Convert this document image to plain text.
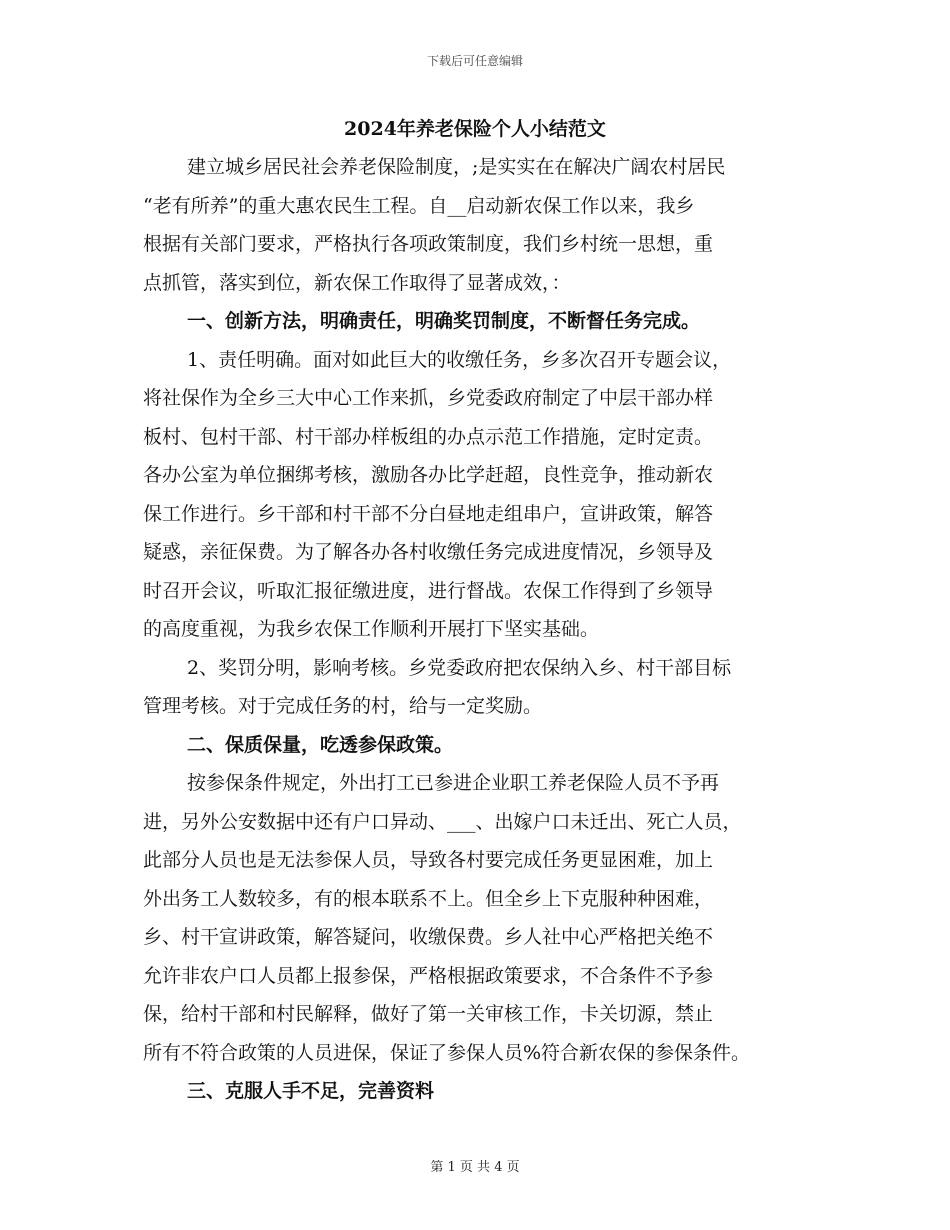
下载后可任意编辑
2024年养老保险个人小结范文
建立城乡居民社会养老保险制度，;是实实在在解决广阔农村居民
“老有所养”的重大惠农民生工程。自__启动新农保工作以来，我乡
根据有关部门要求，严格执行各项政策制度，我们乡村统一思想，重
点抓管，落实到位，新农保工作取得了显著成效，：
一、创新方法，明确责任，明确奖罚制度，不断督任务完成。
1、责任明确。面对如此巨大的收缴任务，乡多次召开专题会议，
将社保作为全乡三大中心工作来抓，乡党委政府制定了中层干部办样
板村、包村干部、村干部办样板组的办点示范工作措施，定时定责。
各办公室为单位捆绑考核，激励各办比学赶超，良性竞争，推动新农
保工作进行。乡干部和村干部不分白昼地走组串户，宣讲政策，解答
疑惑，亲征保费。为了解各办各村收缴任务完成进度情况，乡领导及
时召开会议，听取汇报征缴进度，进行督战。农保工作得到了乡领导
的高度重视，为我乡农保工作顺利开展打下坚实基础。
2、奖罚分明，影响考核。乡党委政府把农保纳入乡、村干部目标
管理考核。对于完成任务的村，给与一定奖励。
二、保质保量，吃透参保政策。
按参保条件规定，外出打工已参进企业职工养老保险人员不予再
进，另外公安数据中还有户口异动、___、出嫁户口未迁出、死亡人员，
此部分人员也是无法参保人员，导致各村要完成任务更显困难，加上
外出务工人数较多，有的根本联系不上。但全乡上下克服种种困难，
乡、村干宣讲政策，解答疑问，收缴保费。乡人社中心严格把关绝不
允许非农户口人员都上报参保，严格根据政策要求，不合条件不予参
保，给村干部和村民解释，做好了第一关审核工作，卡关切源，禁止
所有不符合政策的人员进保，保证了参保人员%符合新农保的参保条件。
三、克服人手不足，完善资料
第 1 页 共 4 页
